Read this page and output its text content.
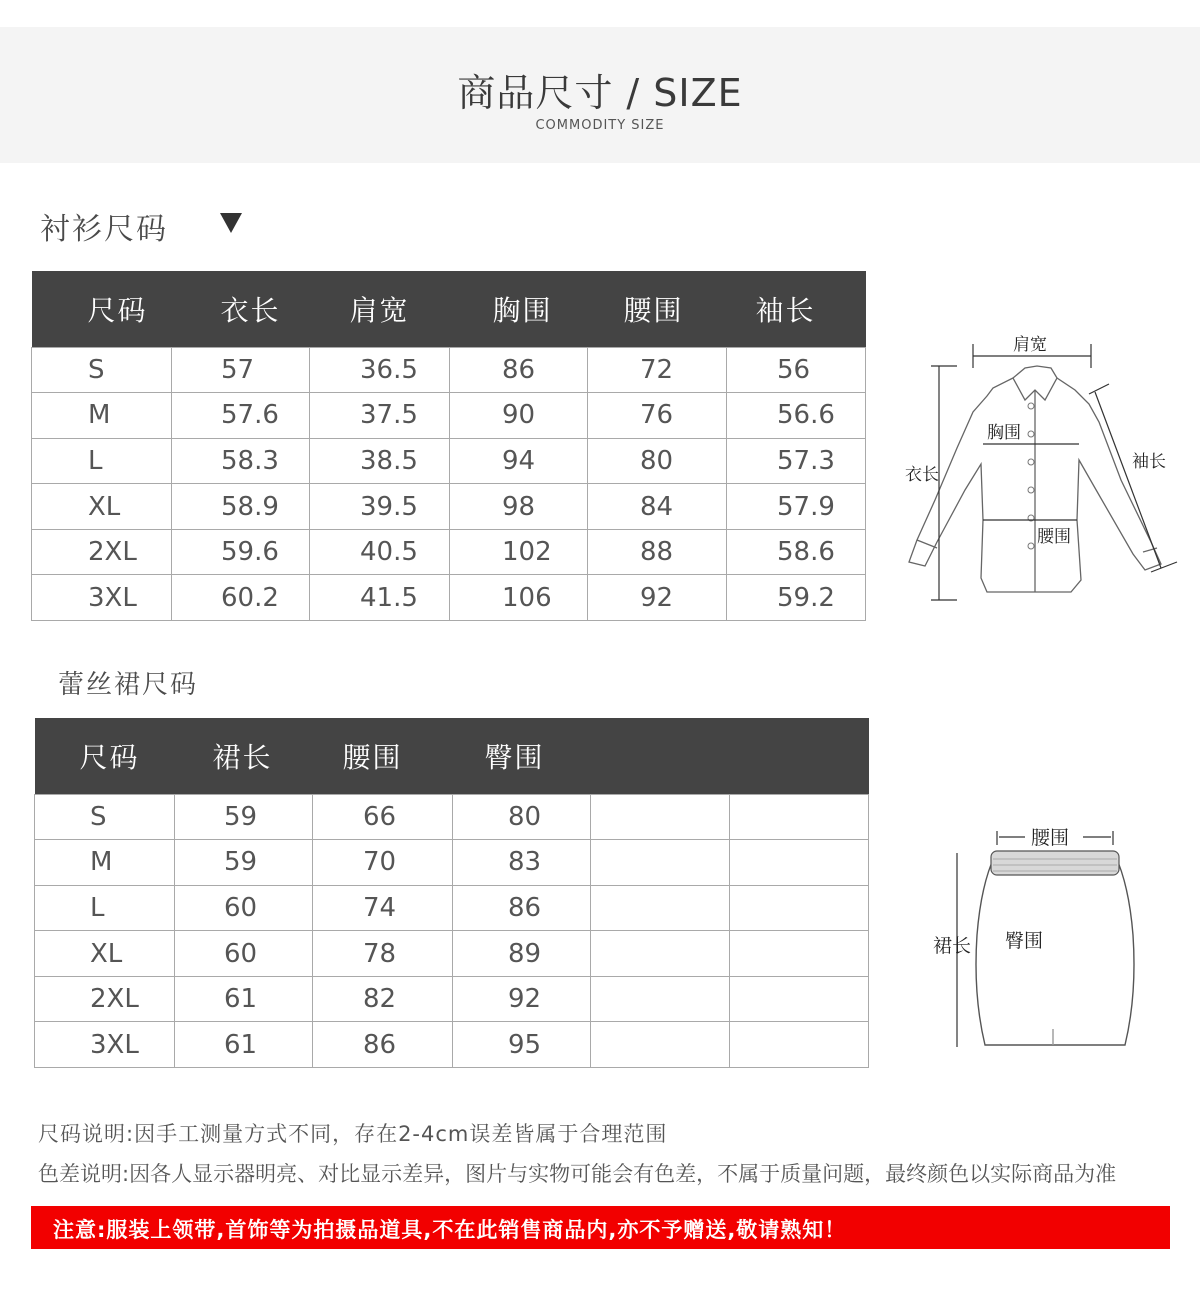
商品尺寸 / SIZE
COMMODITY SIZE
衬衫尺码
尺码	衣长	肩宽	胸围	腰围	袖长
S	57	36.5	86	72	56
M	57.6	37.5	90	76	56.6
L	58.3	38.5	94	80	57.3
XL	58.9	39.5	98	84	57.9
2XL	59.6	40.5	102	88	58.6
3XL	60.2	41.5	106	92	59.2
肩宽
胸围
衣长
袖长
腰围
蕾丝裙尺码
尺码	裙长	腰围	臀围		
S	59	66	80		
M	59	70	83		
L	60	74	86		
XL	60	78	89		
2XL	61	82	92		
3XL	61	86	95		
腰围
裙长 臀围
尺码说明:因手工测量方式不同，存在2-4cm误差皆属于合理范围
色差说明:因各人显示器明亮、对比显示差异，图片与实物可能会有色差，不属于质量问题，最终颜色以实际商品为准
注意:服装上领带,首饰等为拍摄品道具,不在此销售商品内,亦不予赠送,敬请熟知！
